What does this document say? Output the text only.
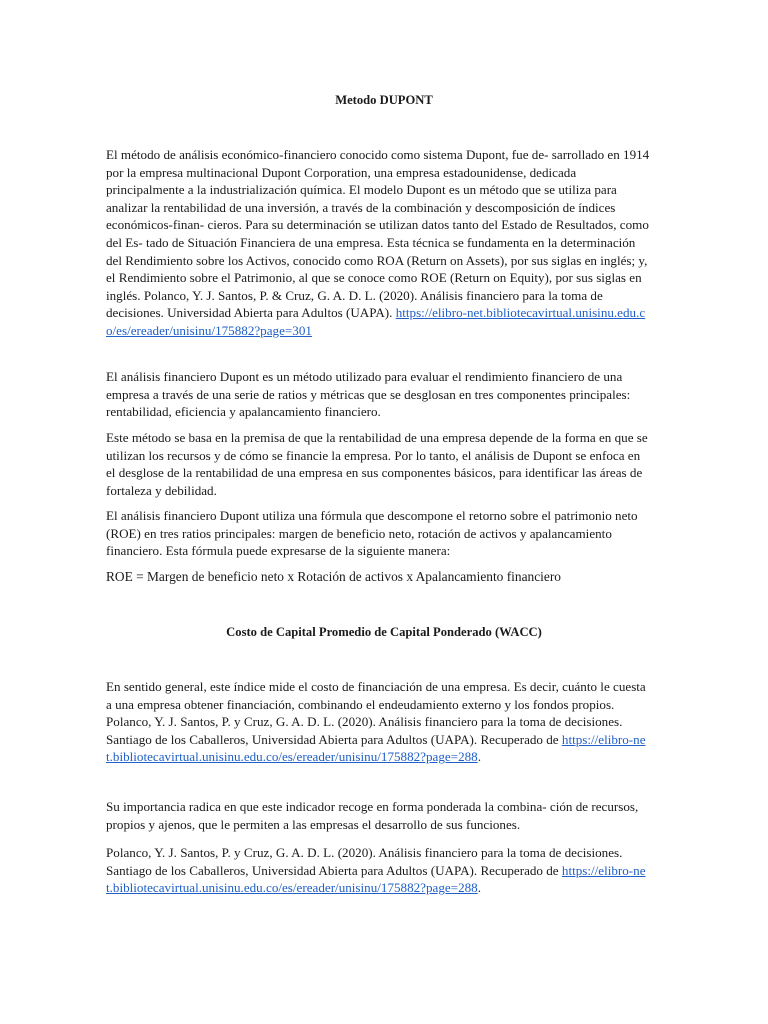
Metodo DUPONT

El método de análisis económico-financiero conocido como sistema Dupont, fue de- sarrollado en 1914 por la empresa multinacional Dupont Corporation, una empresa estadounidense, dedicada principalmente a la industrialización química. El modelo Dupont es un método que se utiliza para analizar la rentabilidad de una inversión, a través de la combinación y descomposición de índices económicos-finan- cieros. Para su determinación se utilizan datos tanto del Estado de Resultados, como del Es- tado de Situación Financiera de una empresa. Esta técnica se fundamenta en la determinación del Rendimiento sobre los Activos, conocido como ROA (Return on Assets), por sus siglas en inglés; y, el Rendimiento sobre el Patrimonio, al que se conoce como ROE (Return on Equity), por sus siglas en inglés. Polanco, Y. J. Santos, P. & Cruz, G. A. D. L. (2020). Análisis financiero para la toma de decisiones. Universidad Abierta para Adultos (UAPA). https://elibro-net.bibliotecavirtual.unisinu.edu.co/es/ereader/unisinu/175882?page=301

El análisis financiero Dupont es un método utilizado para evaluar el rendimiento financiero de una empresa a través de una serie de ratios y métricas que se desglosan en tres componentes principales: rentabilidad, eficiencia y apalancamiento financiero.

Este método se basa en la premisa de que la rentabilidad de una empresa depende de la forma en que se utilizan los recursos y de cómo se financie la empresa. Por lo tanto, el análisis de Dupont se enfoca en el desglose de la rentabilidad de una empresa en sus componentes básicos, para identificar las áreas de fortaleza y debilidad.

El análisis financiero Dupont utiliza una fórmula que descompone el retorno sobre el patrimonio neto (ROE) en tres ratios principales: margen de beneficio neto, rotación de activos y apalancamiento financiero. Esta fórmula puede expresarse de la siguiente manera:

ROE = Margen de beneficio neto x Rotación de activos x Apalancamiento financiero

Costo de Capital Promedio de Capital Ponderado (WACC)

En sentido general, este índice mide el costo de financiación de una empresa. Es decir, cuánto le cuesta a una empresa obtener financiación, combinando el endeudamiento externo y los fondos propios. Polanco, Y. J. Santos, P. y Cruz, G. A. D. L. (2020). Análisis financiero para la toma de decisiones. Santiago de los Caballeros, Universidad Abierta para Adultos (UAPA). Recuperado de https://elibro-net.bibliotecavirtual.unisinu.edu.co/es/ereader/unisinu/175882?page=288.

Su importancia radica en que este indicador recoge en forma ponderada la combina- ción de recursos, propios y ajenos, que le permiten a las empresas el desarrollo de sus funciones.

Polanco, Y. J. Santos, P. y Cruz, G. A. D. L. (2020). Análisis financiero para la toma de decisiones. Santiago de los Caballeros, Universidad Abierta para Adultos (UAPA). Recuperado de https://elibro-net.bibliotecavirtual.unisinu.edu.co/es/ereader/unisinu/175882?page=288.
